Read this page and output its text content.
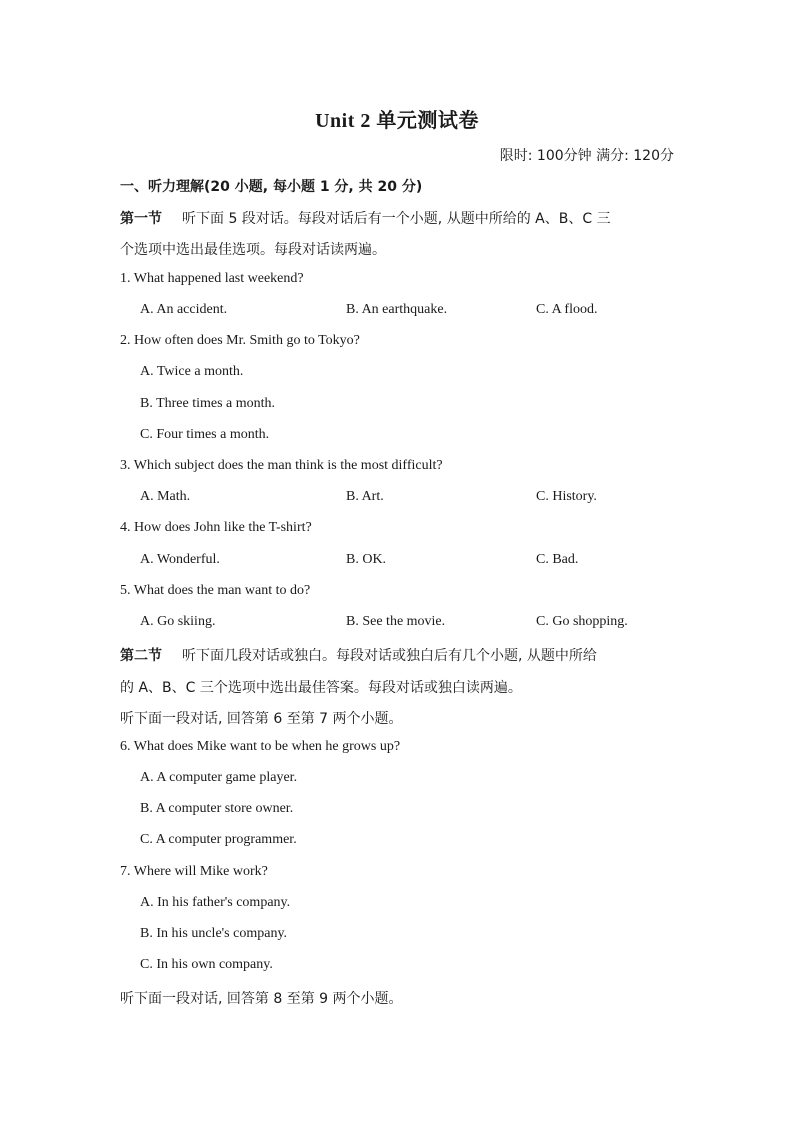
Unit 2 单元测试卷
限时: 100分钟 满分: 120分
一、听力理解(20 小题, 每小题 1 分, 共 20 分)
第一节 听下面 5 段对话。每段对话后有一个小题, 从题中所给的 A、B、C 三
个选项中选出最佳选项。每段对话读两遍。
1. What happened last weekend?
A. An accident.	B. An earthquake.	C. A flood.
2. How often does Mr. Smith go to Tokyo?
A. Twice a month.
B. Three times a month.
C. Four times a month.
3. Which subject does the man think is the most difficult?
A. Math.	B. Art.	C. History.
4. How does John like the T-shirt?
A. Wonderful.	B. OK.	C. Bad.
5. What does the man want to do?
A. Go skiing.	B. See the movie.	C. Go shopping.
第二节 听下面几段对话或独白。每段对话或独白后有几个小题, 从题中所给
的 A、B、C 三个选项中选出最佳答案。每段对话或独白读两遍。
听下面一段对话, 回答第 6 至第 7 两个小题。
6. What does Mike want to be when he grows up?
A. A computer game player.
B. A computer store owner.
C. A computer programmer.
7. Where will Mike work?
A. In his father's company.
B. In his uncle's company.
C. In his own company.
听下面一段对话, 回答第 8 至第 9 两个小题。
